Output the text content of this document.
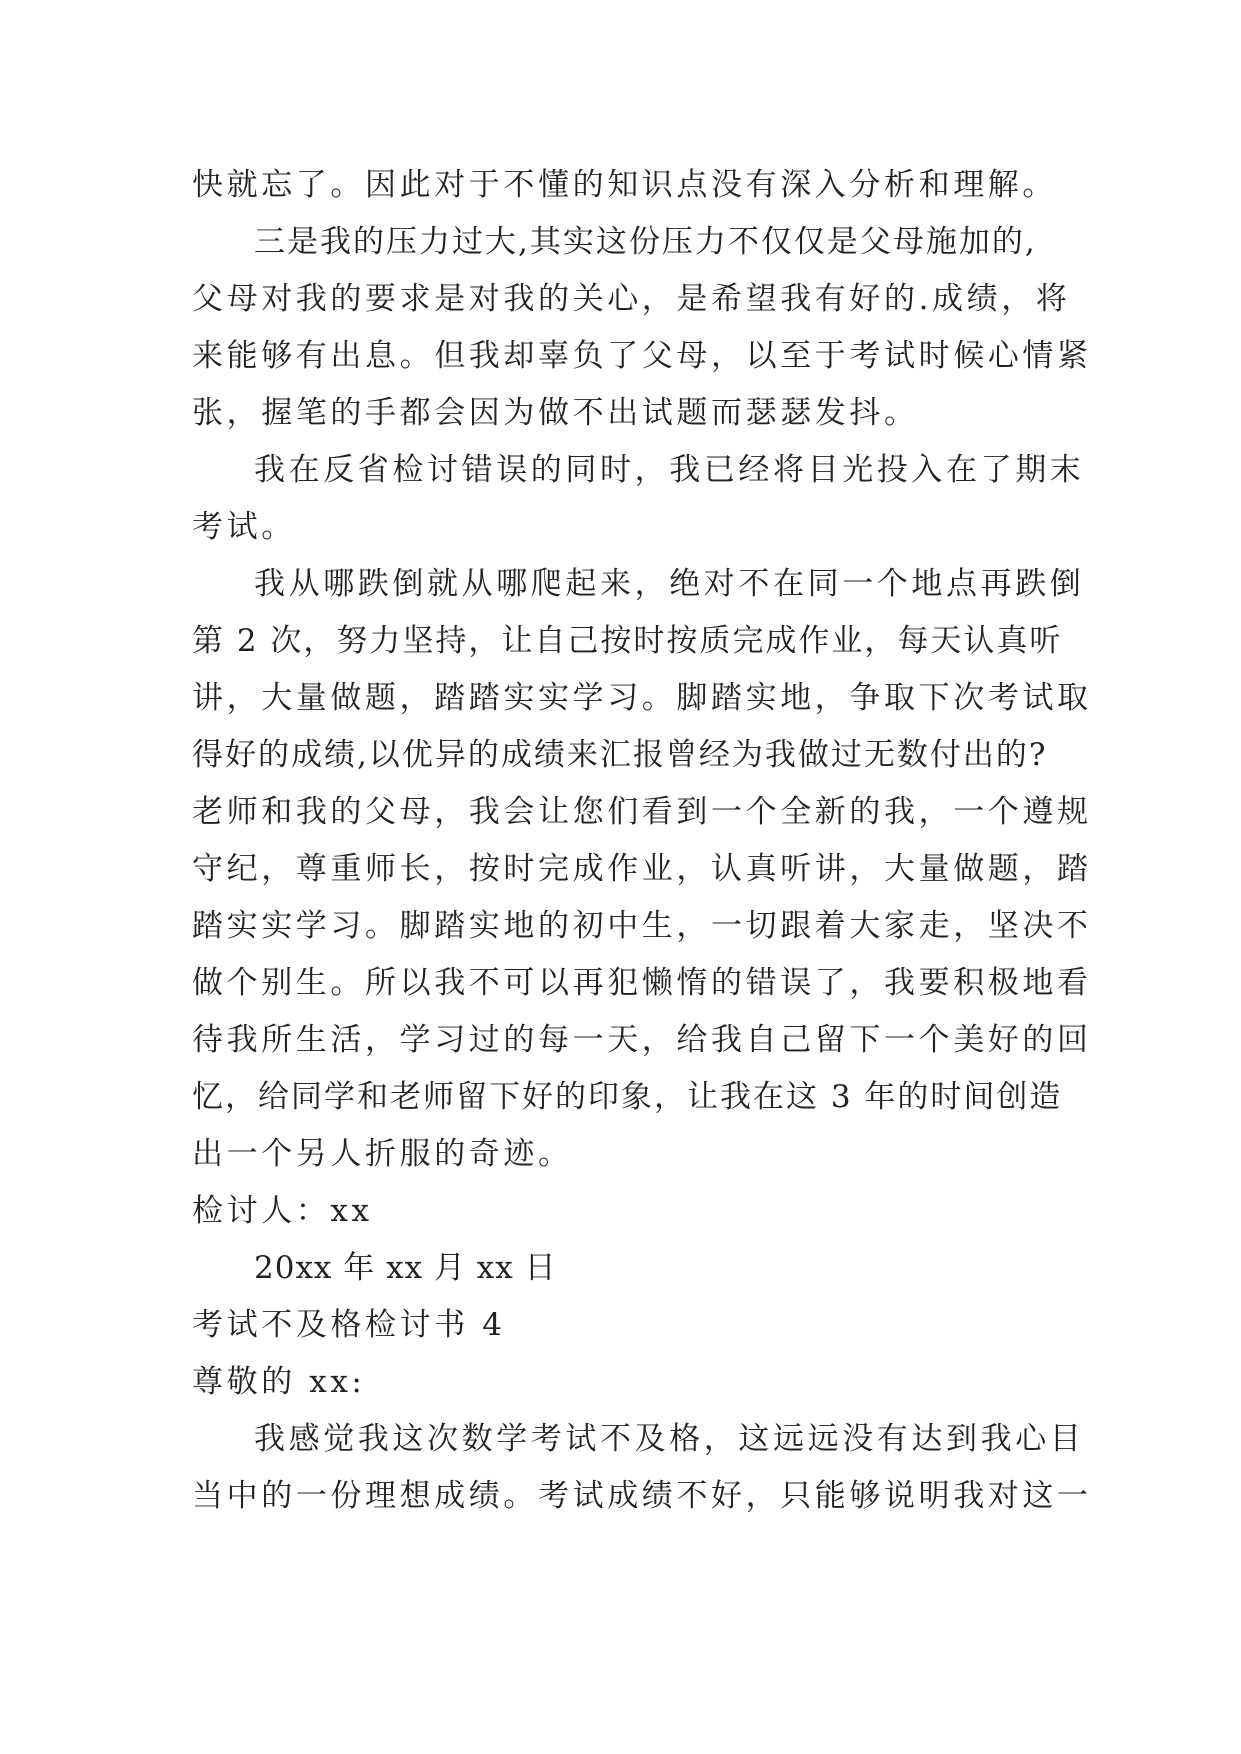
快就忘了。因此对于不懂的知识点没有深入分析和理解。
三是我的压力过大,其实这份压力不仅仅是父母施加的,
父母对我的要求是对我的关心，是希望我有好的.成绩，将
来能够有出息。但我却辜负了父母，以至于考试时候心情紧
张，握笔的手都会因为做不出试题而瑟瑟发抖。
我在反省检讨错误的同时，我已经将目光投入在了期末
考试。
我从哪跌倒就从哪爬起来，绝对不在同一个地点再跌倒
第 2 次，努力坚持，让自己按时按质完成作业，每天认真听
讲，大量做题，踏踏实实学习。脚踏实地，争取下次考试取
得好的成绩,以优异的成绩来汇报曾经为我做过无数付出的?
老师和我的父母，我会让您们看到一个全新的我，一个遵规
守纪，尊重师长，按时完成作业，认真听讲，大量做题，踏
踏实实学习。脚踏实地的初中生，一切跟着大家走，坚决不
做个别生。所以我不可以再犯懒惰的错误了，我要积极地看
待我所生活，学习过的每一天，给我自己留下一个美好的回
忆，给同学和老师留下好的印象，让我在这 3 年的时间创造
出一个另人折服的奇迹。
检讨人：xx
20xx 年 xx 月 xx 日
考试不及格检讨书 4
尊敬的 xx:
我感觉我这次数学考试不及格，这远远没有达到我心目
当中的一份理想成绩。考试成绩不好，只能够说明我对这一
